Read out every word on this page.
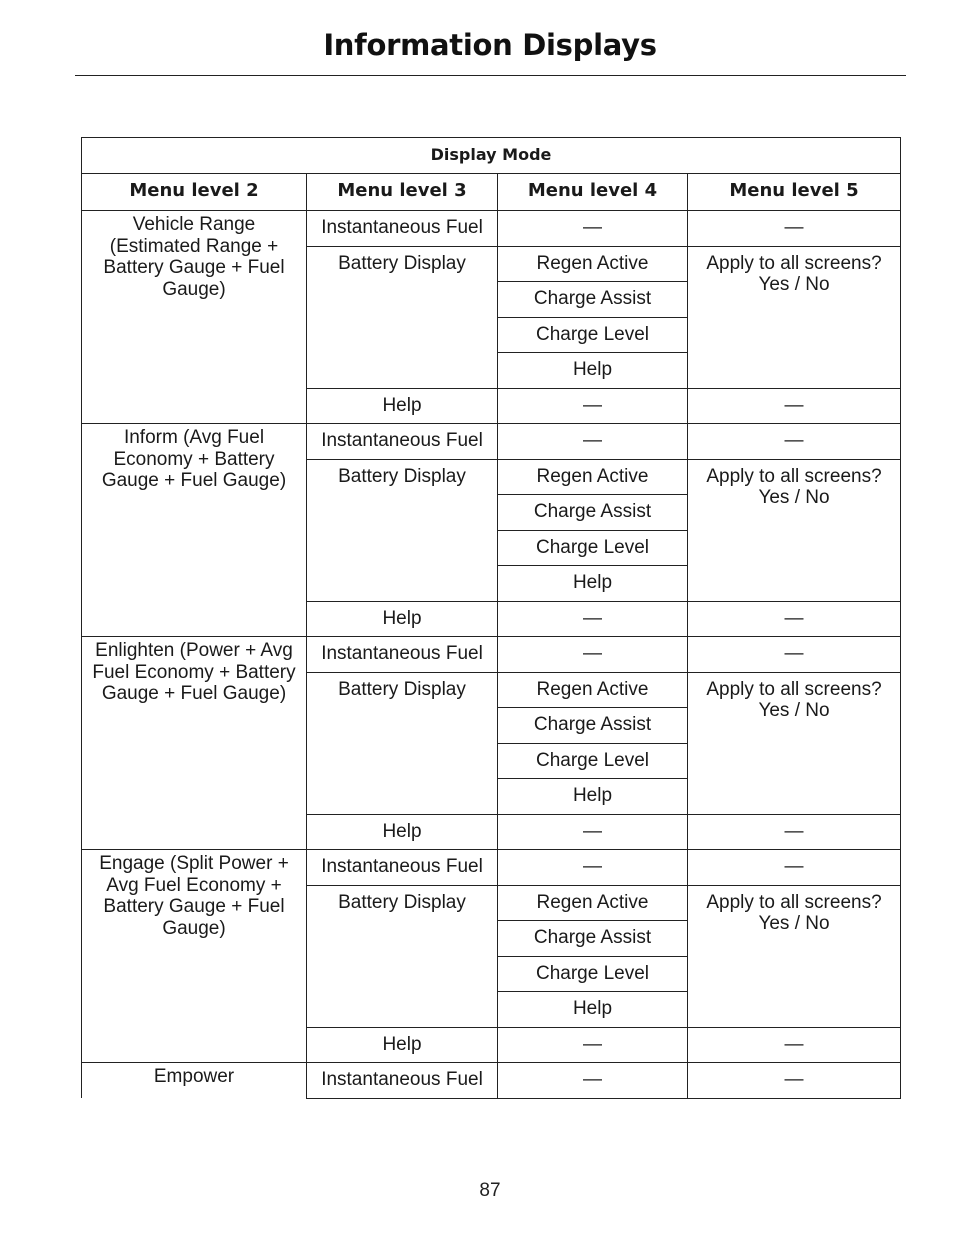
Information Displays
Display Mode			
Menu level 2	Menu level 3	Menu level 4	Menu level 5
Vehicle Range (Estimated Range + Battery Gauge + Fuel Gauge)	Instantaneous Fuel	—	—
	Battery Display	Regen Active	Apply to all screens? Yes / No
		Charge Assist	
		Charge Level	
		Help	
	Help	—	—
Inform (Avg Fuel Economy + Battery Gauge + Fuel Gauge)	Instantaneous Fuel	—	—
	Battery Display	Regen Active	Apply to all screens? Yes / No
		Charge Assist	
		Charge Level	
		Help	
	Help	—	—
Enlighten (Power + Avg Fuel Economy + Battery Gauge + Fuel Gauge)	Instantaneous Fuel	—	—
	Battery Display	Regen Active	Apply to all screens? Yes / No
		Charge Assist	
		Charge Level	
		Help	
	Help	—	—
Engage (Split Power + Avg Fuel Economy + Battery Gauge + Fuel Gauge)	Instantaneous Fuel	—	—
	Battery Display	Regen Active	Apply to all screens? Yes / No
		Charge Assist	
		Charge Level	
		Help	
	Help	—	—
Empower	Instantaneous Fuel	—	—
87
